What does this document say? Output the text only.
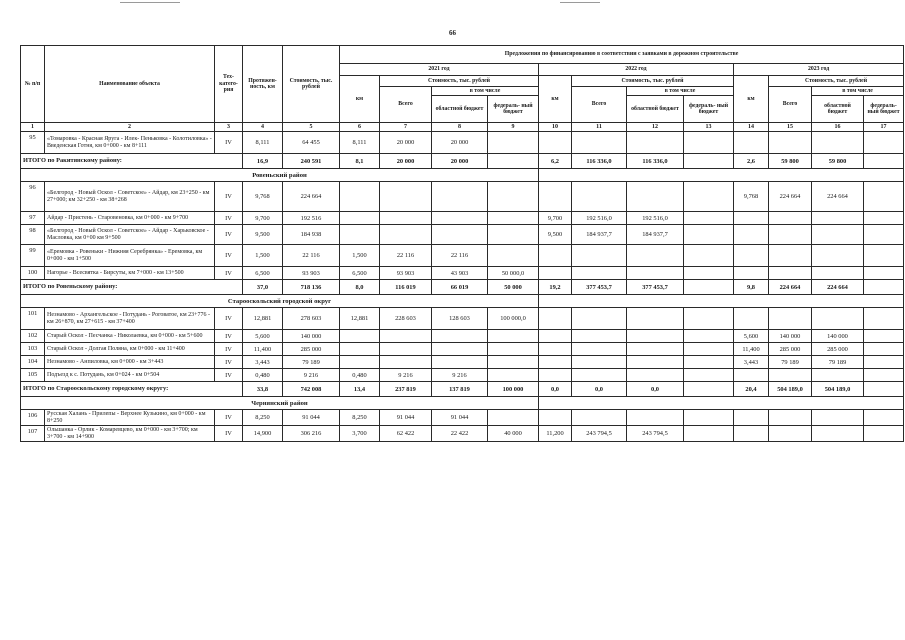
66
№ п/п	Наименование объекта	Тех- катего- рия	Протяжен- ность, км	Стоимость, тыс. рублей	Предложения по финансированию в соответствии с заявками в дорожном строительстве											
					2021 год				2022 год				2023 год			
					км	Стоимость, тыс. рублей			км	Стоимость, тыс. рублей			км	Стоимость, тыс. рублей		
						Всего	в том числе			Всего	в том числе			Всего	в том числе	
							областной бюджет	федераль- ный бюджет			областной бюджет	федераль- ный бюджет			областной бюджет	федераль- ный бюджет
1	2	3	4	5	6	7	8	9	10	11	12	13	14	15	16	17
95	«Томаровка - Красная Яруга - Илек- Пеньковка - Колотиловка» - Введенская Готня, км 0+000 - км 8+111	IV	8,111	64 455	8,111	20 000	20 000									
ИТОГО по Ракитянскому району:			16,9	240 591	8,1	20 000	20 000		6,2	116 336,0	116 336,0		2,6	59 800	59 800	
Ровеньский район																
96	«Белгород - Новый Оскол - Советское» - Айдар, км 23+250 - км 27+000; км 32+250 - км 38+268	IV	9,768	224 664									9,768	224 664	224 664	
97	Айдар - Пристень - Старовеновка, км 0+000 - км 9+700	IV	9,700	192 516					9,700	192 516,0	192 516,0					
98	«Белгород - Новый Оскол - Советское» - Айдар - Харьковское - Масловка, км 0+00 км 9+500	IV	9,500	184 938					9,500	184 937,7	184 937,7					
99	«Еремовка - Ровеньки - Нижняя Серебрянка» - Еремовка, км 0+000 - км 1+500	IV	1,500	22 116	1,500	22 116	22 116									
100	Нагорье - Всесвятка - Бирсуты, км 7+000 - км 13+500	IV	6,500	93 903	6,500	93 903	43 903	50 000,0								
ИТОГО по Ровеньскому району:			37,0	718 136	8,0	116 019	66 019	50 000	19,2	377 453,7	377 453,7		9,8	224 664	224 664	
Старооскольский городской округ																
101	Незнамово - Архангельское - Потудань - Роговатое, км 23+776 - км 26+870, км 27+615 - км 37+400	IV	12,881	278 603	12,881	228 603	128 603	100 000,0								
102	Старый Оскол - Песчанка - Николаевка, км 0+000 - км 5+600	IV	5,600	140 000									5,600	140 000	140 000	
103	Старый Оскол - Долгая Поляна, км 0+000 - км 11+400	IV	11,400	285 000									11,400	285 000	285 000	
104	Незнамово - Анпиловка, км 0+000 - км 3+443	IV	3,443	79 189									3,443	79 189	79 189	
105	Подъезд к с. Потудань, км 0+024 - км 0+504	IV	0,480	9 216	0,480	9 216	9 216									
ИТОГО по Старооскольскому городскому округу:			33,8	742 008	13,4	237 819	137 819	100 000	0,0	0,0	0,0		20,4	504 189,0	504 189,0	
Чернянский район																
106	Русская Халань - Прилепы - Верхнее Кузькино, км 0+000 - км 8+250	IV	8,250	91 044	8,250	91 044	91 044									
107	Ольшанка - Орлик - Комаревцево, км 0+000 - км 3+700; км 3+700 - км 14+900	IV	14,900	306 216	3,700	62 422	22 422	40 000	11,200	243 794,5	243 794,5					
